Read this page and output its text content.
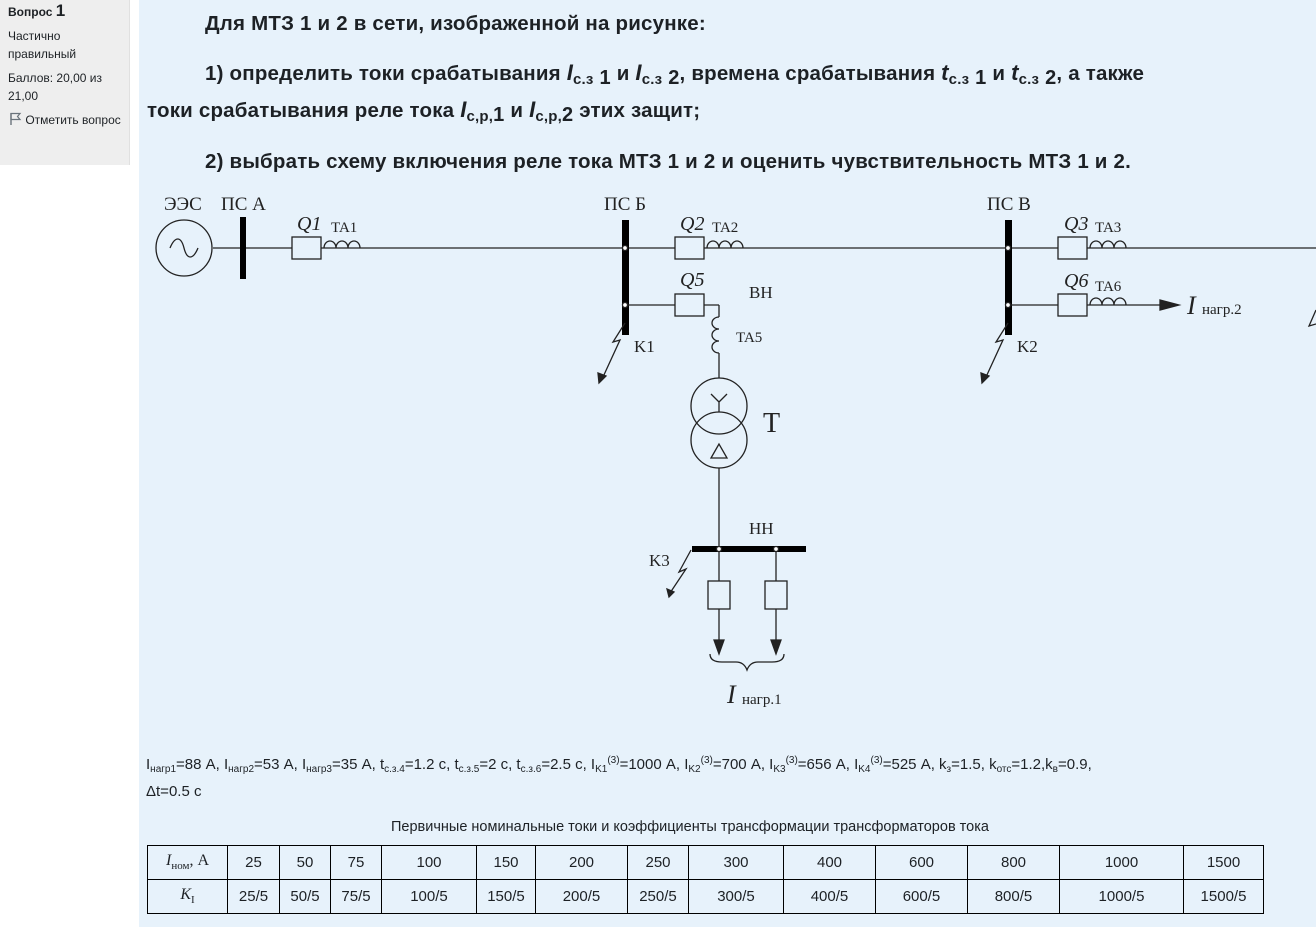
Вопрос 1
Частично правильный
Баллов: 20,00 из 21,00
Отметить вопрос
Для МТЗ 1 и 2 в сети, изображенной на рисунке:
1) определить токи срабатывания $I_{с.з}$ $_1$ и $I_{с.з}$ $_2$, времена срабатывания $t_{с.з}$ $_1$ и $t_{с.з}$ $_2$, а также
токи срабатывания реле тока $I_{с,р,1}$ и $I_{с,р,2}$ этих защит;
2) выбрать схему включения реле тока МТЗ 1 и 2 и оценить чувствительность МТЗ 1 и 2.
ЭЭС ПС А
Q1 TA1
ПС Б
Q2 TA2
Q5
ВН
TA5
T
НН
I нагр.1
K3
K1
ПС В
Q3 TA3
Q6 TA6
I нагр.2
K2
$I_{нагр1}=88$ А, $I_{нагр2}=53$ А, $I_{нагр3}=35$ А, $t_{с.з.4}=1.2$ с, $t_{с.з.5}=2$ с, $t_{с.з.6}=2.5$ с, $I_{K1}^{(3)}=1000$ А, $I_{K2}^{(3)}=700$ А, $I_{K3}^{(3)}=656$ А, $I_{K4}^{(3)}=525$ А, $k_з=1.5$, $k_{отс}=1.2,k_в=0.9$,
Δt=0.5 с
Первичные номинальные токи и коэффициенты трансформации трансформаторов тока
$I_{ном}$, А	25	50	75	100	150	200	250	300	400	600	800	1000	1500
$K_I$	25/5	50/5	75/5	100/5	150/5	200/5	250/5	300/5	400/5	600/5	800/5	1000/5	1500/5
